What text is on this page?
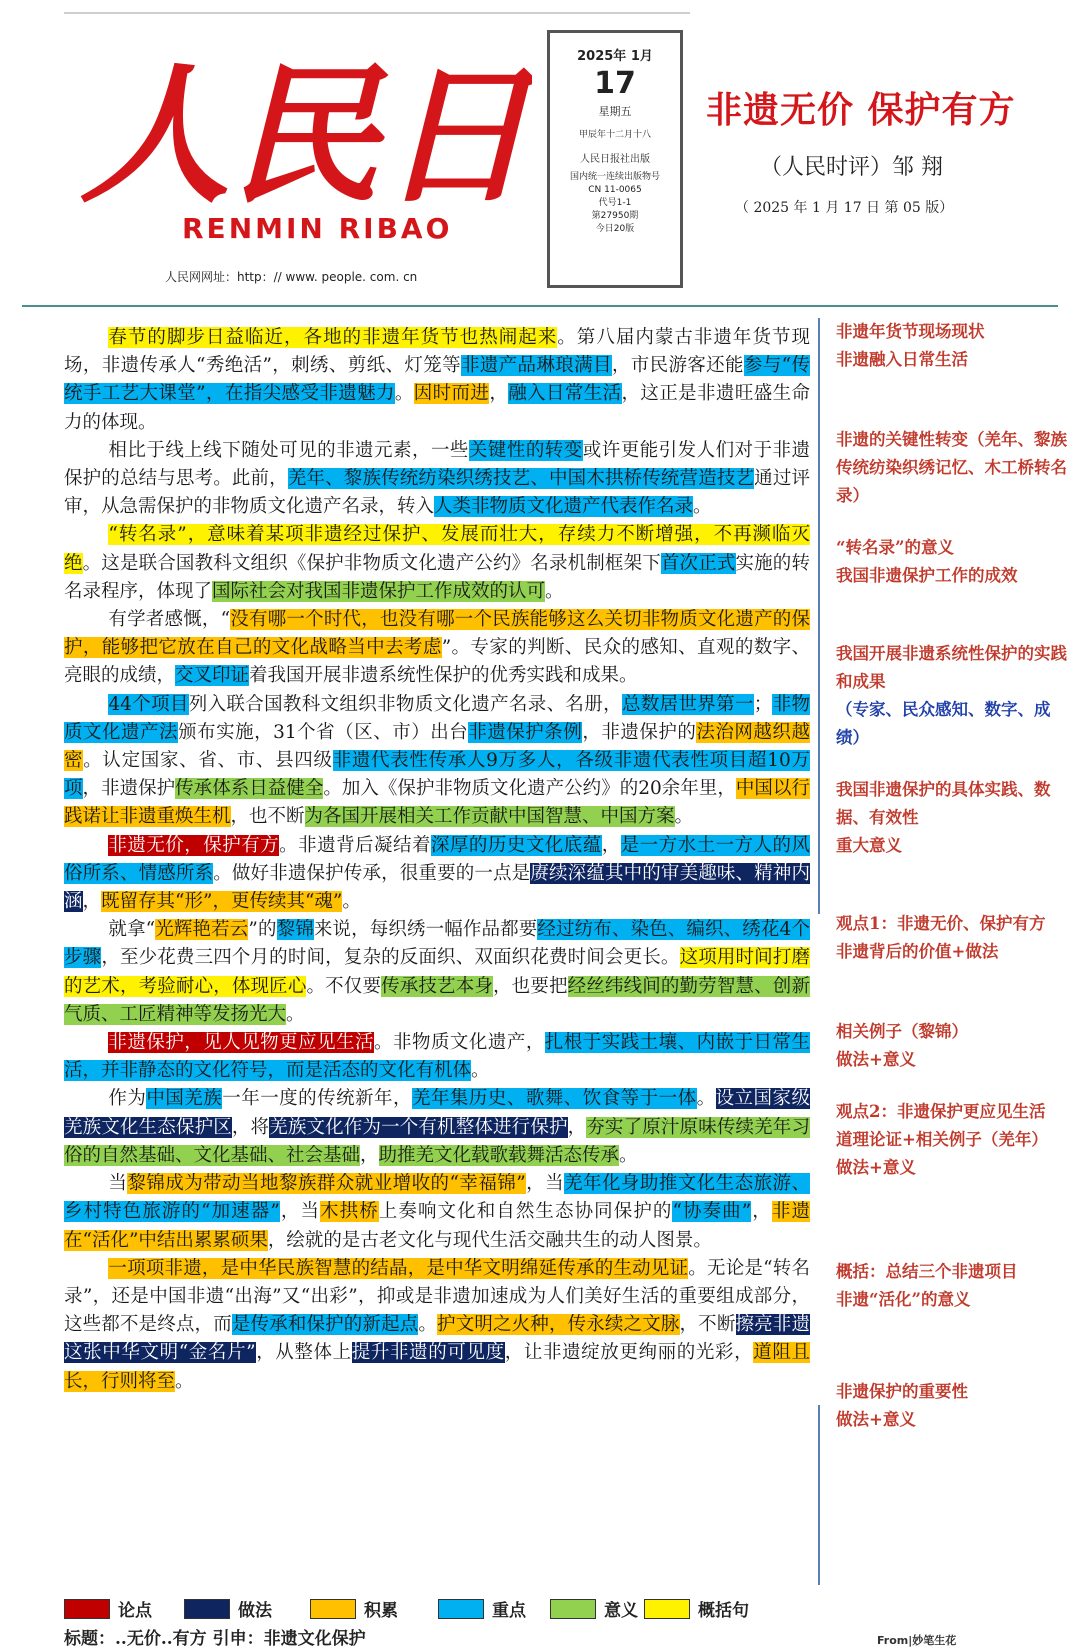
人民日
RENMIN RIBAO
人民网网址：http：// www. people. com. cn
2025年 1月
17
星期五
甲辰年十二月十八
人民日报社出版
国内统一连续出版物号
CN 11-0065
代号1-1
第27950期
今日20版
非遗无价 保护有方
（人民时评）邹 翔
（ 2025 年 1 月 17 日 第 05 版）

春节的脚步日益临近，各地的非遗年货节也热闹起来。第八届内蒙古非遗年货节现场，非遗传承人“秀绝活”，刺绣、剪纸、灯笼等非遗产品琳琅满目，市民游客还能参与“传统手工艺大课堂”，在指尖感受非遗魅力。因时而进，融入日常生活，这正是非遗旺盛生命力的体现。

相比于线上线下随处可见的非遗元素，一些关键性的转变或许更能引发人们对于非遗保护的总结与思考。此前，羌年、黎族传统纺染织绣技艺、中国木拱桥传统营造技艺通过评审，从急需保护的非物质文化遗产名录，转入人类非物质文化遗产代表作名录。

“转名录”，意味着某项非遗经过保护、发展而壮大，存续力不断增强，不再濒临灭绝。这是联合国教科文组织《保护非物质文化遗产公约》名录机制框架下首次正式实施的转名录程序，体现了国际社会对我国非遗保护工作成效的认可。

有学者感慨，“没有哪一个时代，也没有哪一个民族能够这么关切非物质文化遗产的保护，能够把它放在自己的文化战略当中去考虑”。专家的判断、民众的感知、直观的数字、亮眼的成绩，交叉印证着我国开展非遗系统性保护的优秀实践和成果。

44个项目列入联合国教科文组织非物质文化遗产名录、名册，总数居世界第一；非物质文化遗产法颁布实施，31个省（区、市）出台非遗保护条例，非遗保护的法治网越织越密。认定国家、省、市、县四级非遗代表性传承人9万多人，各级非遗代表性项目超10万项，非遗保护传承体系日益健全。加入《保护非物质文化遗产公约》的20余年里，中国以行践诺让非遗重焕生机，也不断为各国开展相关工作贡献中国智慧、中国方案。

非遗无价，保护有方。非遗背后凝结着深厚的历史文化底蕴，是一方水土一方人的风俗所系、情感所系。做好非遗保护传承，很重要的一点是赓续深蕴其中的审美趣味、精神内涵，既留存其“形”，更传续其“魂”。

就拿“光辉艳若云”的黎锦来说，每织绣一幅作品都要经过纺布、染色、编织、绣花4个步骤，至少花费三四个月的时间，复杂的反面织、双面织花费时间会更长。这项用时间打磨的艺术，考验耐心，体现匠心。不仅要传承技艺本身，也要把经丝纬线间的勤劳智慧、创新气质、工匠精神等发扬光大。

非遗保护，见人见物更应见生活。非物质文化遗产，扎根于实践土壤、内嵌于日常生活，并非静态的文化符号，而是活态的文化有机体。

作为中国羌族一年一度的传统新年，羌年集历史、歌舞、饮食等于一体。设立国家级羌族文化生态保护区，将羌族文化作为一个有机整体进行保护，夯实了原汁原味传续羌年习俗的自然基础、文化基础、社会基础，助推羌文化载歌载舞活态传承。

当黎锦成为带动当地黎族群众就业增收的“幸福锦”，当羌年化身助推文化生态旅游、乡村特色旅游的“加速器”，当木拱桥上奏响文化和自然生态协同保护的“协奏曲”，非遗在“活化”中结出累累硕果，绘就的是古老文化与现代生活交融共生的动人图景。

一项项非遗，是中华民族智慧的结晶，是中华文明绵延传承的生动见证。无论是“转名录”，还是中国非遗“出海”又“出彩”，抑或是非遗加速成为人们美好生活的重要组成部分，这些都不是终点，而是传承和保护的新起点。护文明之火种，传永续之文脉，不断擦亮非遗这张中华文明“金名片”，从整体上提升非遗的可见度，让非遗绽放更绚丽的光彩，道阻且长，行则将至。

非遗年货节现场现状
非遗融入日常生活
非遗的关键性转变（羌年、黎族传统纺染织绣记忆、木工桥转名录）
“转名录”的意义
我国非遗保护工作的成效
我国开展非遗系统性保护的实践和成果
（专家、民众感知、数字、成绩）
我国非遗保护的具体实践、数据、有效性
重大意义
观点1：非遗无价、保护有方
非遗背后的价值+做法
相关例子（黎锦）
做法+意义
观点2：非遗保护更应见生活
道理论证+相关例子（羌年）
做法+意义
概括：总结三个非遗项目
非遗“活化”的意义
非遗保护的重要性
做法+意义
论点	做法	积累	重点	意义	概括句
标题：..无价..有方 引申：非遗文化保护	From|妙笔生花
